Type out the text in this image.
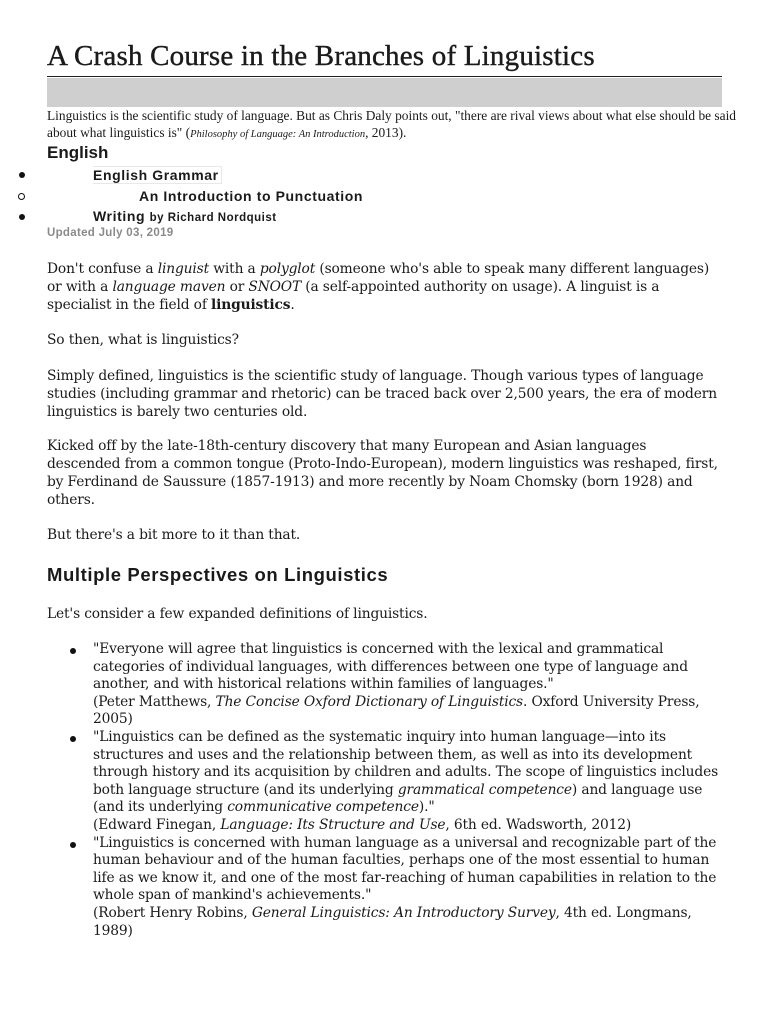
A Crash Course in the Branches of Linguistics
Linguistics is the scientific study of language. But as Chris Daly points out, "there are rival views about what else should be said about what linguistics is" (Philosophy of Language: An Introduction, 2013).
English
English Grammar
An Introduction to Punctuation
Writing by Richard Nordquist
Updated July 03, 2019

Don't confuse a linguist with a polyglot (someone who's able to speak many different languages) or with a language maven or SNOOT (a self-appointed authority on usage). A linguist is a specialist in the field of linguistics.

So then, what is linguistics?

Simply defined, linguistics is the scientific study of language. Though various types of language studies (including grammar and rhetoric) can be traced back over 2,500 years, the era of modern linguistics is barely two centuries old.

Kicked off by the late-18th-century discovery that many European and Asian languages descended from a common tongue (Proto-Indo-European), modern linguistics was reshaped, first, by Ferdinand de Saussure (1857-1913) and more recently by Noam Chomsky (born 1928) and others.

But there's a bit more to it than that.

Multiple Perspectives on Linguistics

Let's consider a few expanded definitions of linguistics.

"Everyone will agree that linguistics is concerned with the lexical and grammatical categories of individual languages, with differences between one type of language and another, and with historical relations within families of languages."
(Peter Matthews, The Concise Oxford Dictionary of Linguistics. Oxford University Press, 2005)
"Linguistics can be defined as the systematic inquiry into human language—into its structures and uses and the relationship between them, as well as into its development through history and its acquisition by children and adults. The scope of linguistics includes both language structure (and its underlying grammatical competence) and language use (and its underlying communicative competence)."
(Edward Finegan, Language: Its Structure and Use, 6th ed. Wadsworth, 2012)
"Linguistics is concerned with human language as a universal and recognizable part of the human behaviour and of the human faculties, perhaps one of the most essential to human life as we know it, and one of the most far-reaching of human capabilities in relation to the whole span of mankind's achievements."
(Robert Henry Robins, General Linguistics: An Introductory Survey, 4th ed. Longmans, 1989)
